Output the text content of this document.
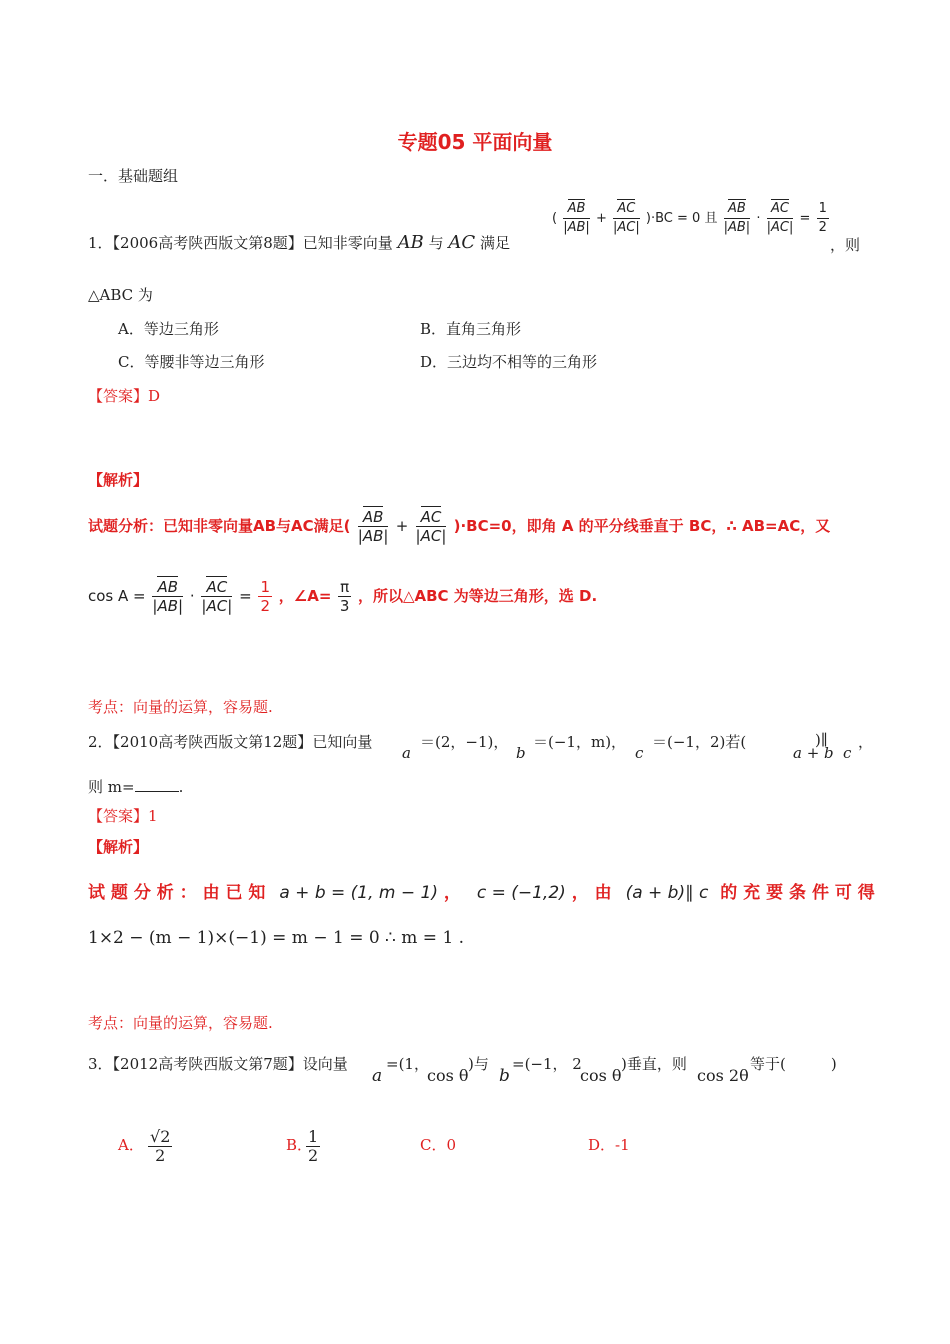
专题05 平面向量
一．基础题组
1．【2006高考陕西版文第8题】已知非零向量 AB 与 AC 满足
( $\frac{AB}{|AB|} + \frac{AC}{|AC|} )\cdot BC = 0$ 且 $\frac{AB}{|AB|} \cdot \frac{AC}{|AC|} = \frac{1}{2}$
，则
△ABC 为
A．等边三角形	B．直角三角形
C．等腰非等边三角形	D．三边均不相等的三角形
【答案】D
【解析】
试题分析：已知非零向量AB与AC满足( $\frac{AB}{|AB|} + \frac{AC}{|AC|} )\cdot BC=0$，即角 A 的平分线垂直于 BC，∴ AB=AC，又
$\cos A = \frac{AB}{|AB|} \cdot \frac{AC}{|AC|} = \frac{1}{2}$ ，∠A= $\frac{\pi}{3}$ ，所以△ABC 为等边三角形，选 D.
考点：向量的运算，容易题.
2．【2010高考陕西版文第12题】已知向量
a
＝(2，−1)，
b
＝(−1，m)，
c
＝(−1，2)若(
a + b
)∥
c
，
则 m=	.
【答案】1
【解析】
试 题 分 析 ： 由 已 知 a + b = (1, m − 1) ， c = (−1,2) ， 由 (a + b)∥ c 的 充 要 条 件 可 得
1×2 − (m − 1)×(−1) = m − 1 = 0 ∴ m = 1 .
考点：向量的运算，容易题.
3．【2012高考陕西版文第7题】设向量
a
=(1，
cos θ
)与
b
=(−1， 2
cos θ
)垂直，则
cos 2θ
等于(　　　)
A． $\frac{√2}{2}$	B．
$\frac{1}{2}$	C．0	D．-1
